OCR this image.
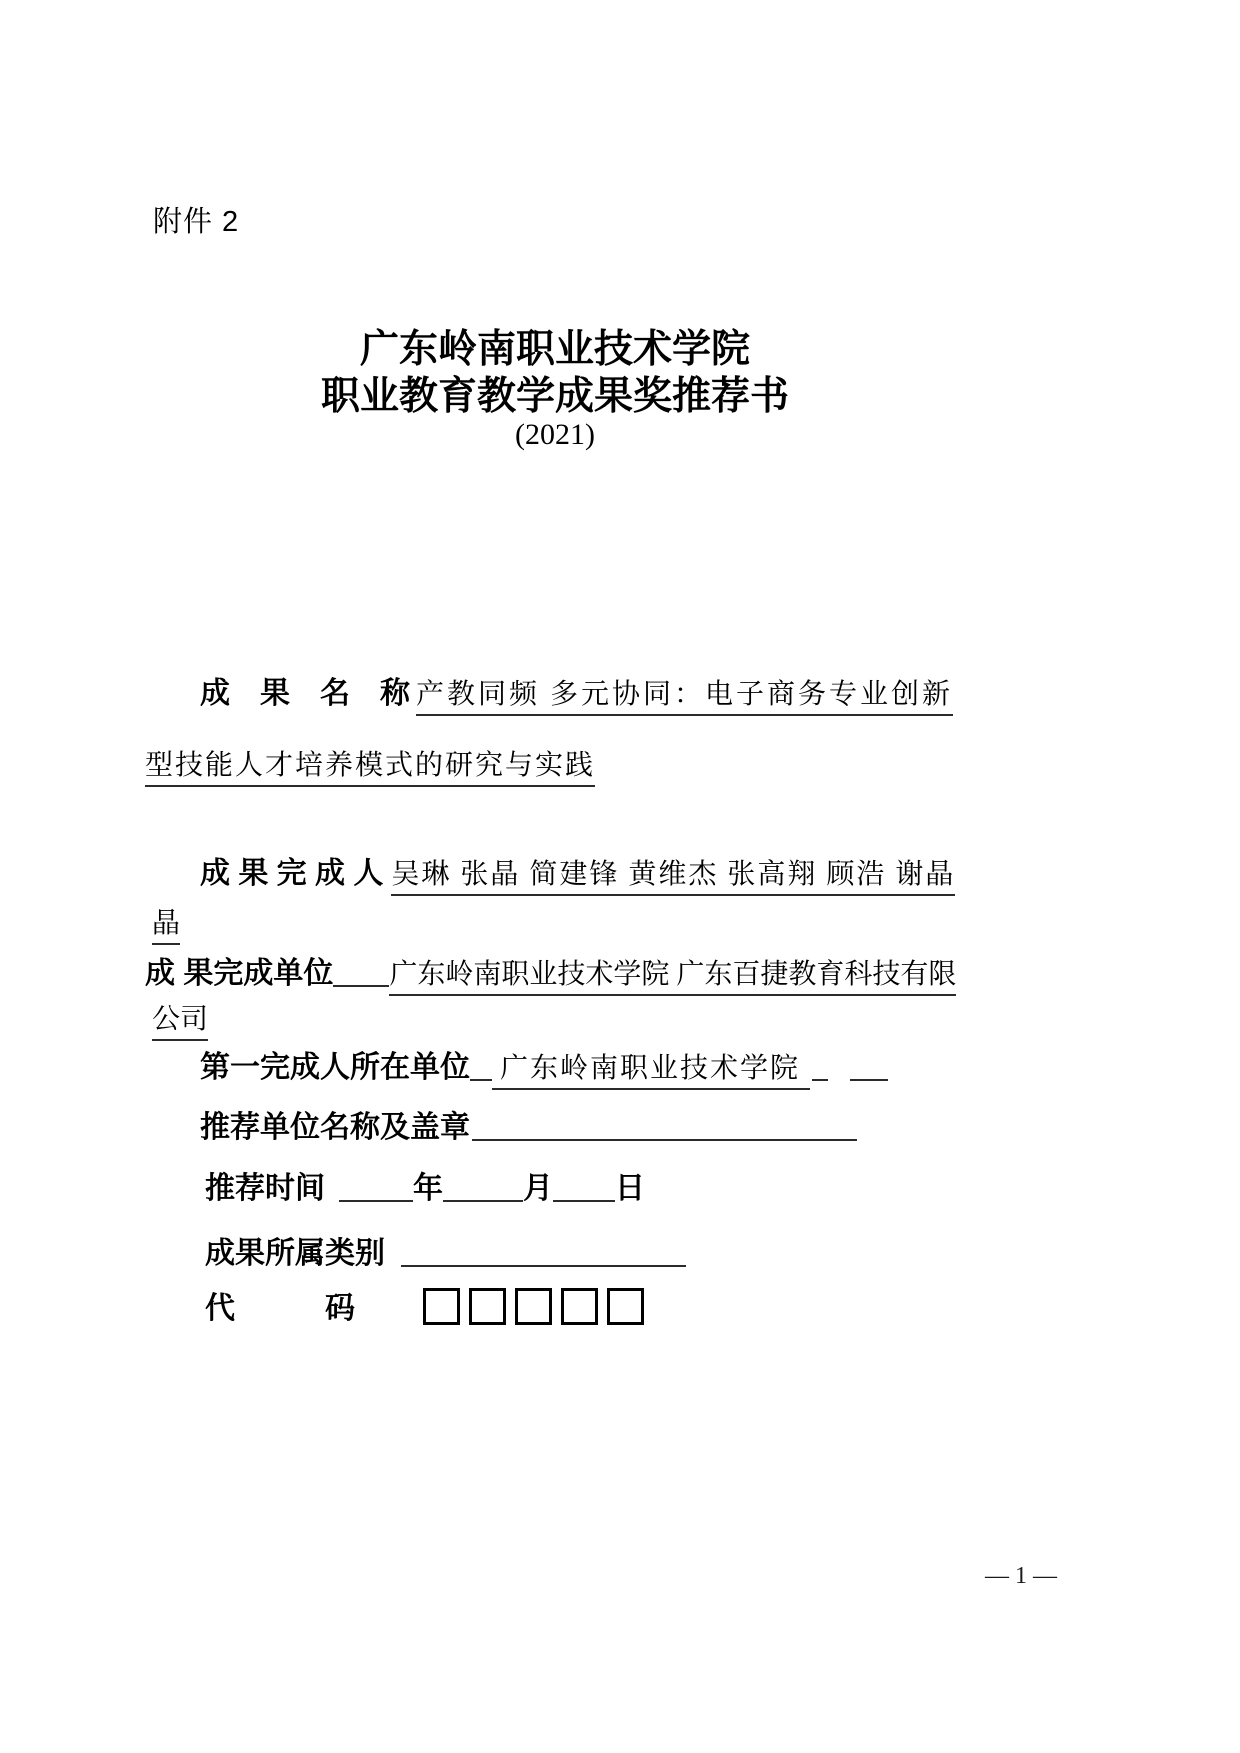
附件 2
广东岭南职业技术学院
职业教育教学成果奖推荐书
(2021)
成　果　名　称 产教同频 多元协同：电子商务专业创新
型技能人才培养模式的研究与实践
成 果 完 成 人 吴琳 张晶 简建锋 黄维杰 张高翔 顾浩 谢晶
晶
成 果完成单位 广东岭南职业技术学院 广东百捷教育科技有限
公司
第一完成人所在单位 广东岭南职业技术学院
推荐单位名称及盖章
推荐时间	年	月 日
成果所属类别
代　　　码
— 1 —
